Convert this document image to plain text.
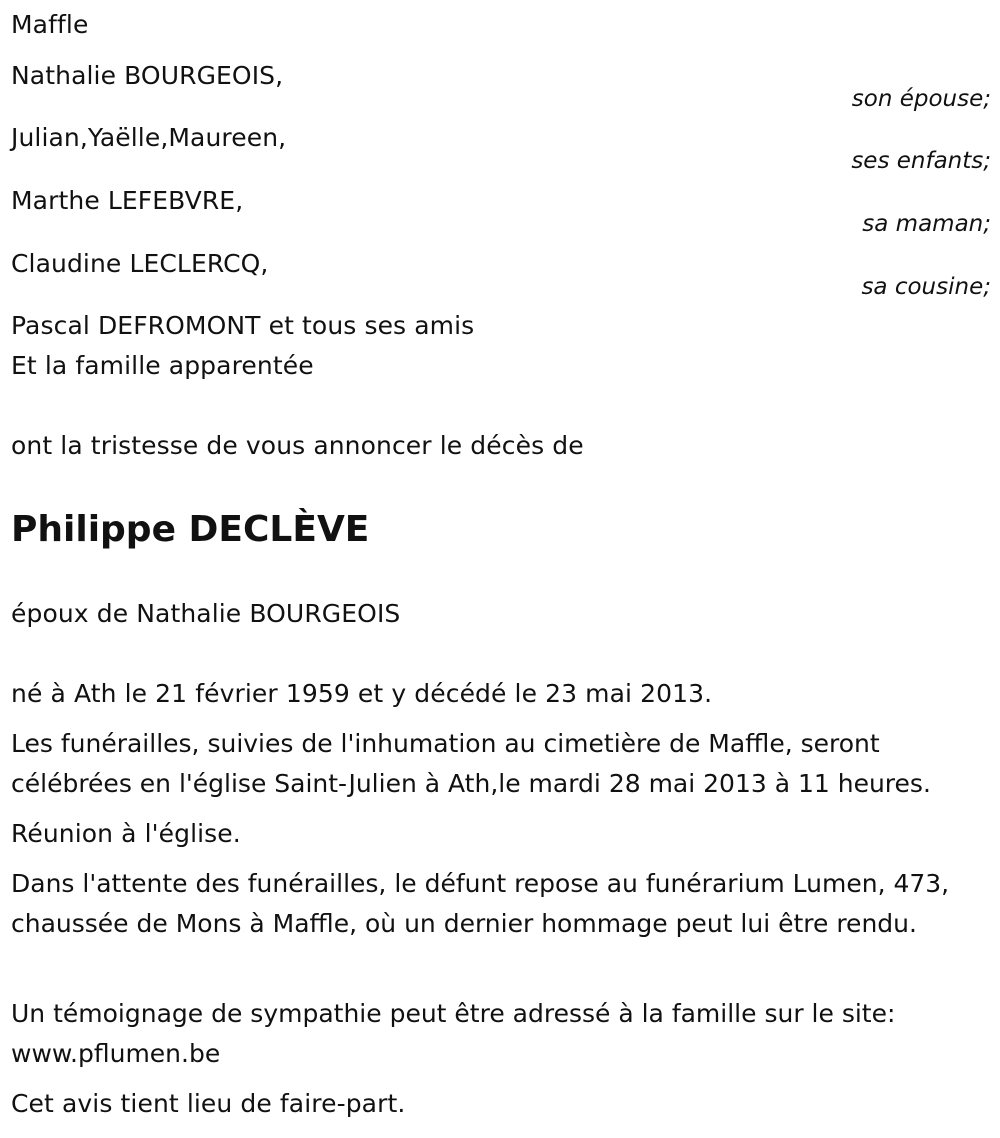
Maffle
Nathalie BOURGEOIS,
son épouse;
Julian,Yaëlle,Maureen,
ses enfants;
Marthe LEFEBVRE,
sa maman;
Claudine LECLERCQ,
sa cousine;
Pascal DEFROMONT et tous ses amis
Et la famille apparentée
ont la tristesse de vous annoncer le décès de
Philippe DECLÈVE
époux de Nathalie BOURGEOIS
né à Ath le 21 février 1959 et y décédé le 23 mai 2013.
Les funérailles, suivies de l'inhumation au cimetière de Maffle, seront célébrées en l'église Saint-Julien à Ath,le mardi 28 mai 2013 à 11 heures.
Réunion à l'église.
Dans l'attente des funérailles, le défunt repose au funérarium Lumen, 473, chaussée de Mons à Maffle, où un dernier hommage peut lui être rendu.
Un témoignage de sympathie peut être adressé à la famille sur le site: www.pflumen.be
Cet avis tient lieu de faire-part.
